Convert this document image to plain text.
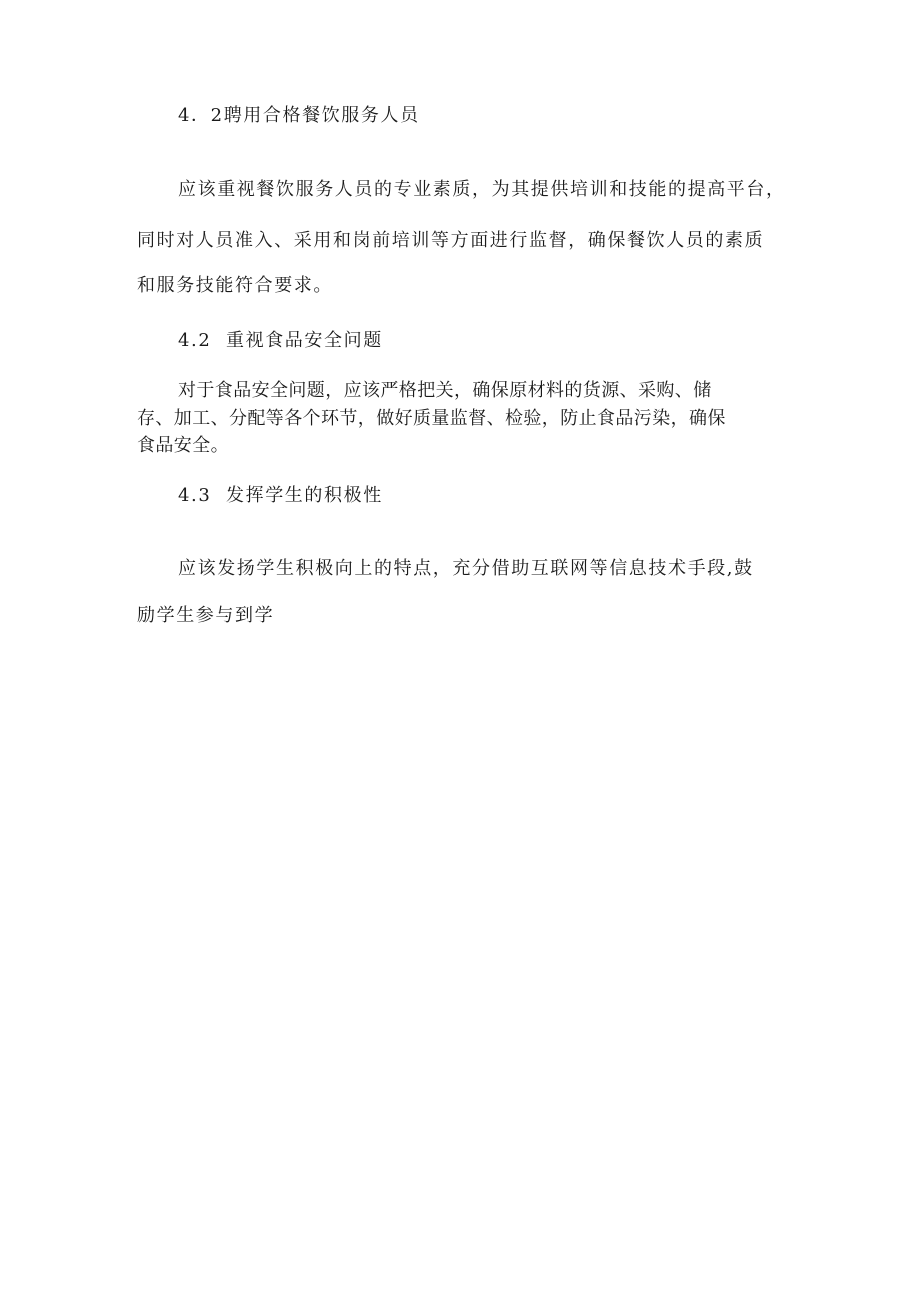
4．2聘用合格餐饮服务人员
应该重视餐饮服务人员的专业素质，为其提供培训和技能的提高平台，
同时对人员准入、采用和岗前培训等方面进行监督，确保餐饮人员的素质
和服务技能符合要求。
4.2 重视食品安全问题
对于食品安全问题，应该严格把关，确保原材料的货源、采购、储
存、加工、分配等各个环节，做好质量监督、检验，防止食品污染，确保
食品安全。
4.3 发挥学生的积极性
应该发扬学生积极向上的特点，充分借助互联网等信息技术手段,鼓
励学生参与到学
